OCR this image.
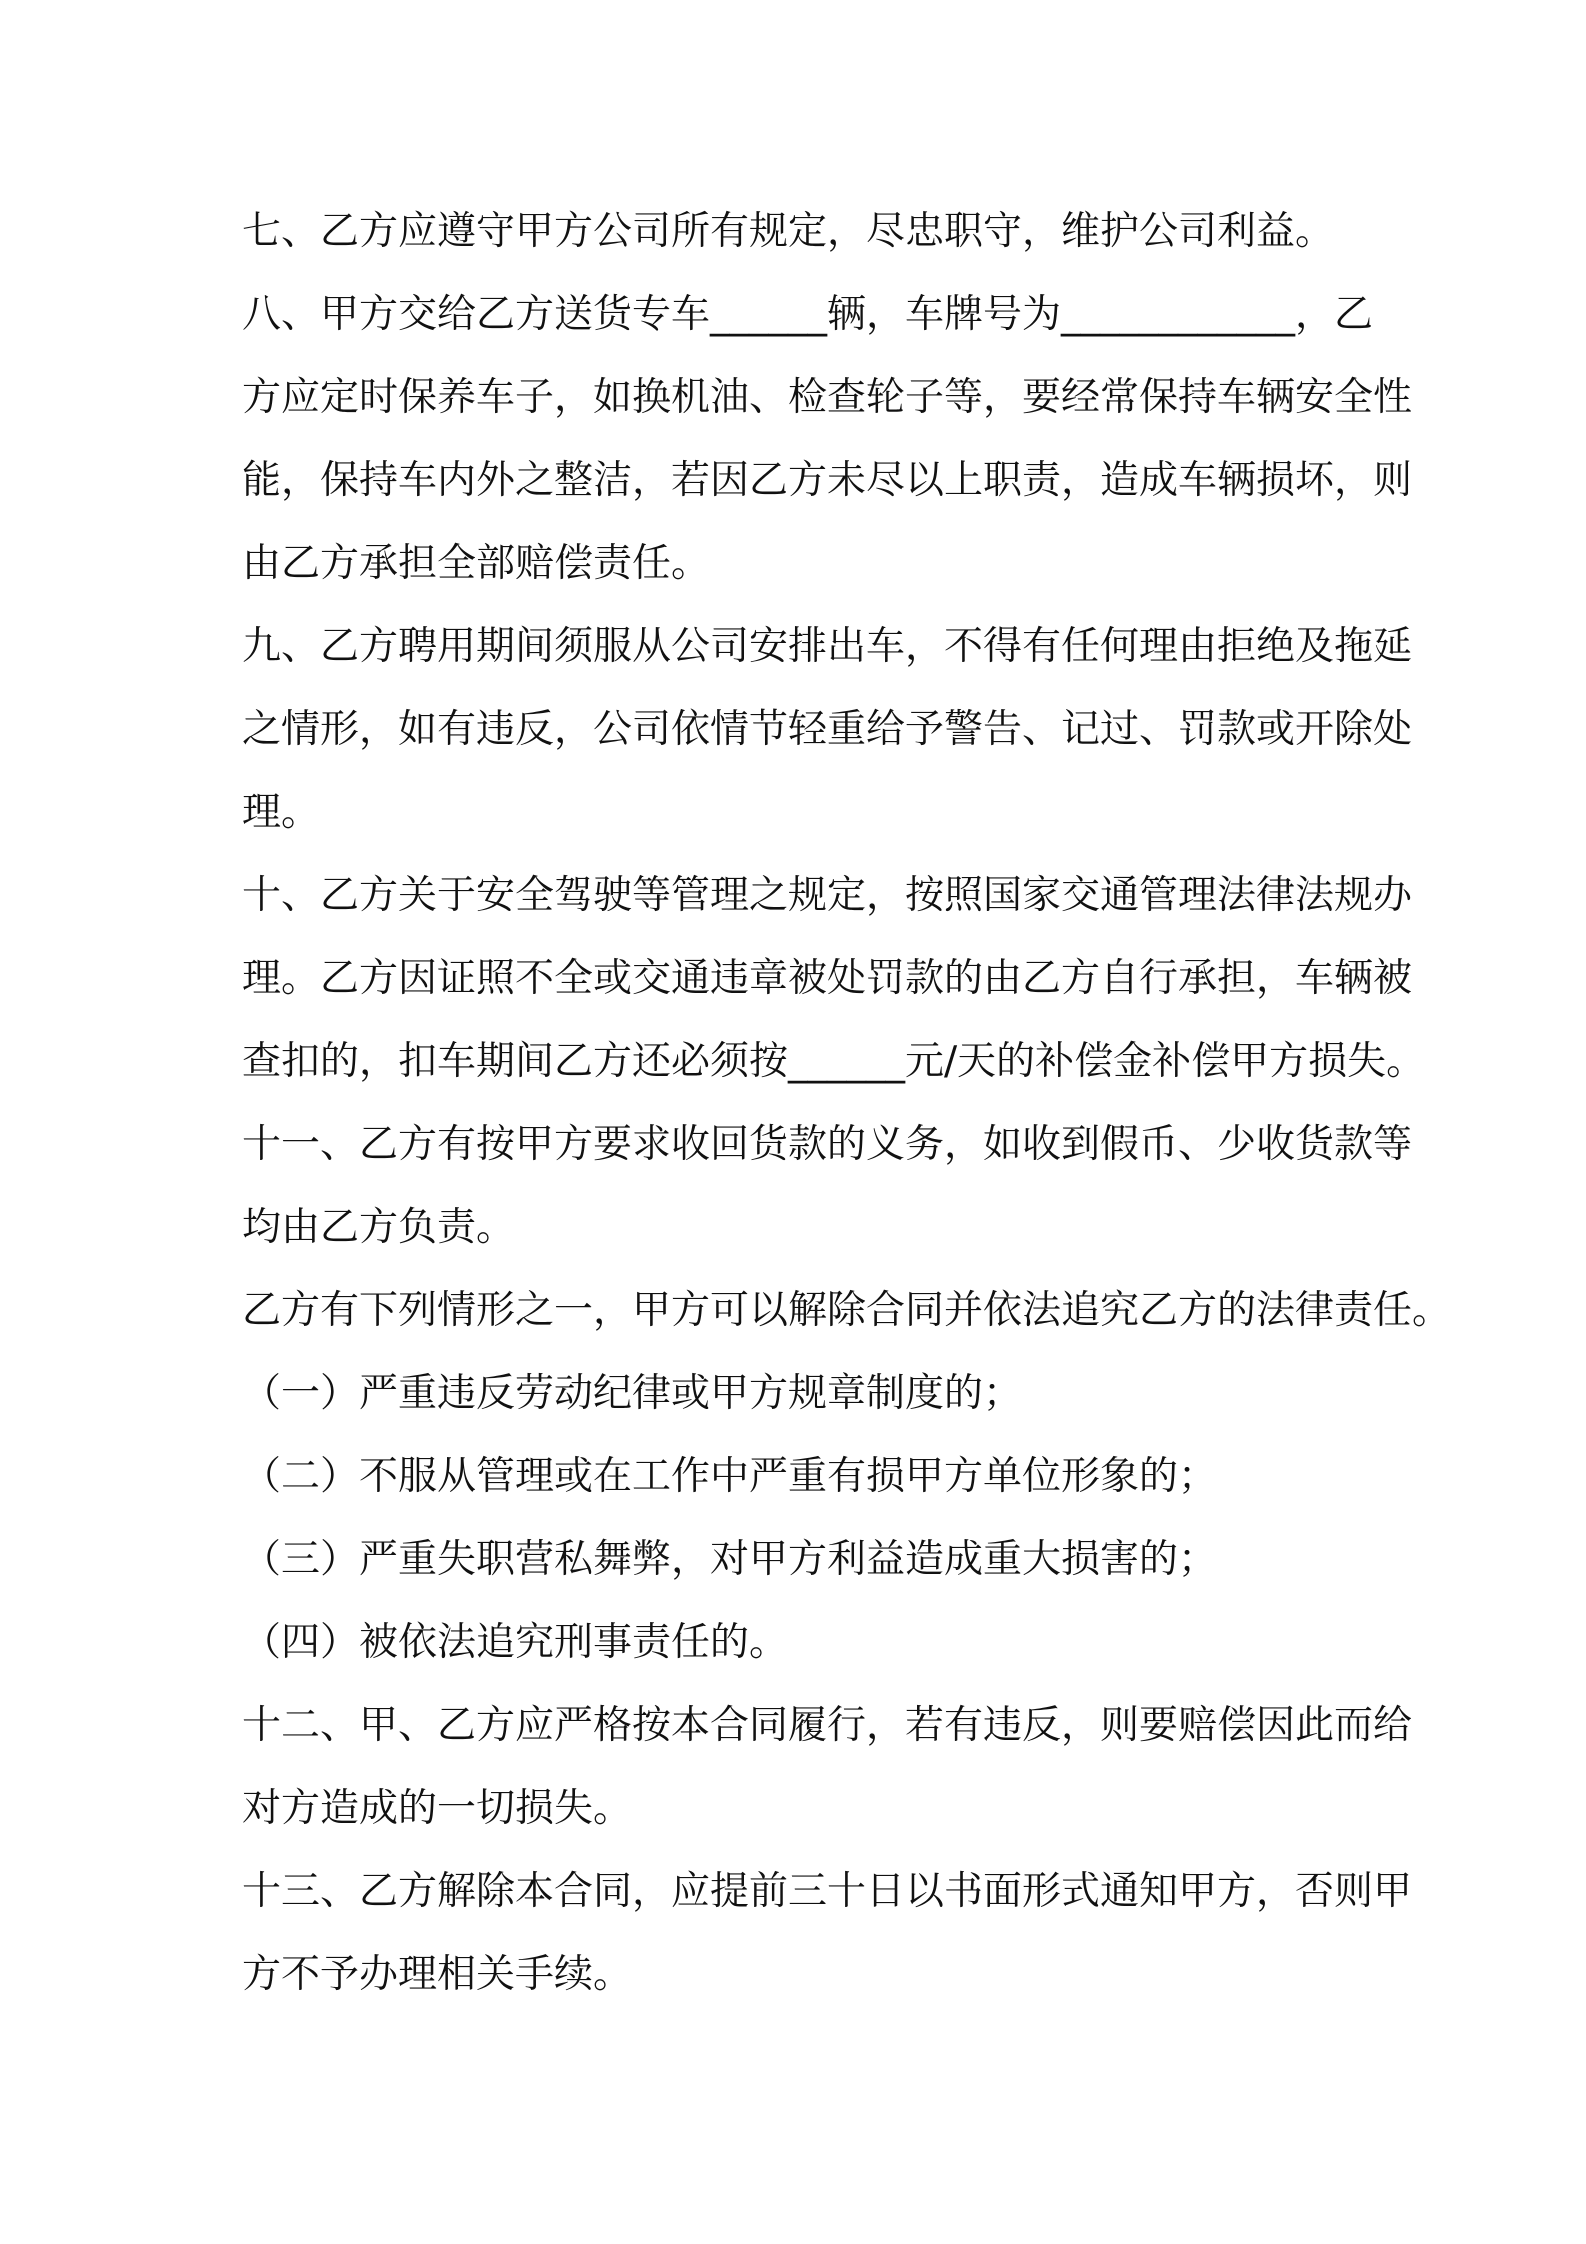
七、乙方应遵守甲方公司所有规定，尽忠职守，维护公司利益。

八、甲方交给乙方送货专车______辆，车牌号为____________，乙

方应定时保养车子，如换机油、检查轮子等，要经常保持车辆安全性

能，保持车内外之整洁，若因乙方未尽以上职责，造成车辆损坏，则

由乙方承担全部赔偿责任。

九、乙方聘用期间须服从公司安排出车，不得有任何理由拒绝及拖延

之情形，如有违反，公司依情节轻重给予警告、记过、罚款或开除处

理。

十、乙方关于安全驾驶等管理之规定，按照国家交通管理法律法规办

理。乙方因证照不全或交通违章被处罚款的由乙方自行承担，车辆被

查扣的，扣车期间乙方还必须按______元/天的补偿金补偿甲方损失。

十一、乙方有按甲方要求收回货款的义务，如收到假币、少收货款等

均由乙方负责。

乙方有下列情形之一，甲方可以解除合同并依法追究乙方的法律责任。

（一）严重违反劳动纪律或甲方规章制度的；

（二）不服从管理或在工作中严重有损甲方单位形象的；

（三）严重失职营私舞弊，对甲方利益造成重大损害的；

（四）被依法追究刑事责任的。

十二、甲、乙方应严格按本合同履行，若有违反，则要赔偿因此而给

对方造成的一切损失。

十三、乙方解除本合同，应提前三十日以书面形式通知甲方，否则甲

方不予办理相关手续。
